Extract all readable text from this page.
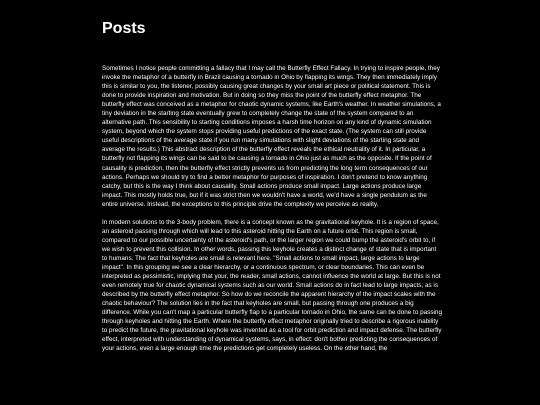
Posts

Sometimes I notice people committing a fallacy that I may call the Butterfly Effect Fallacy. In trying to inspire people, they invoke the metaphor of a butterfly in Brazil causing a tornado in Ohio by flapping its wings. They then immediately imply this is similar to you, the listener, possibly causing great changes by your small art piece or political statement. This is done to provide inspiration and motivation. But in doing so they miss the point of the butterfly effect metaphor. The butterfly effect was conceived as a metaphor for chaotic dynamic systems, like Earth's weather. In weather simulations, a tiny deviation in the starting state eventually grew to completely change the state of the system compared to an alternative path. This sensibility to starting conditions imposes a harsh time horizon on any kind of dynamic simulation system, beyond which the system stops providing useful predictions of the exact state. (The system can still provide useful descriptions of the average state if you run many simulations with slight deviations of the starting state and average the results.) This abstract description of the butterfly effect reveals the ethical neutrality of it. In particular, a butterfly not flapping its wings can be said to be causing a tornado in Ohio just as much as the opposite. If the point of causality is prediction, then the butterfly effect strictly prevents us from predicting the long term consequences of our actions. Perhaps we should try to find a better metaphor for purposes of inspiration. I don't pretend to know anything catchy, but this is the way I think about causality. Small actions produce small impact. Large actions produce large impact. This mostly holds true, but if it was strict then we wouldn't have a world, we'd have a single pendulum as the entire universe. Instead, the exceptions to this principle drive the complexity we perceive as reality.

In modern solutions to the 3-body problem, there is a concept known as the gravitational keyhole. It is a region of space, an asteroid passing through which will lead to this asteroid hitting the Earth on a future orbit. This region is small, compared to our possible uncertainty of the asteroid's path, or the larger region we could bump the asteroid's orbit to, if we wish to prevent this collision. In other words, passing this keyhole creates a distinct change of state that is important to humans. The fact that keyholes are small is relevant here. "Small actions to small impact, large actions to large impact". In this grouping we see a clear hierarchy, or a continuous spectrum, or clear boundaries. This can even be interpreted as pessimistic, implying that your, the reader, small actions, cannot influence the world at large. But this is not even remotely true for chaotic dynamical systems such as our world. Small actions do in fact lead to large impacts, as is described by the butterfly effect metaphor. So how do we reconcile the apparent hierarchy of the impact scales with the chaotic behaviour? The solution lies in the fact that keyholes are small, but passing through one produces a big difference. While you can't map a particular butterfly flap to a particular tornado in Ohio, the same can be done to passing through keyholes and hitting the Earth. Where the butterfly effect metaphor originally tried to describe a rigorous inability to predict the future, the gravitational keyhole was invented as a tool for orbit prediction and impact defense. The butterfly effect, interpreted with understanding of dynamical systems, says, in effect: don't bother predicting the consequences of your actions, even a large enough time the predictions get completely useless. On the other hand, the
